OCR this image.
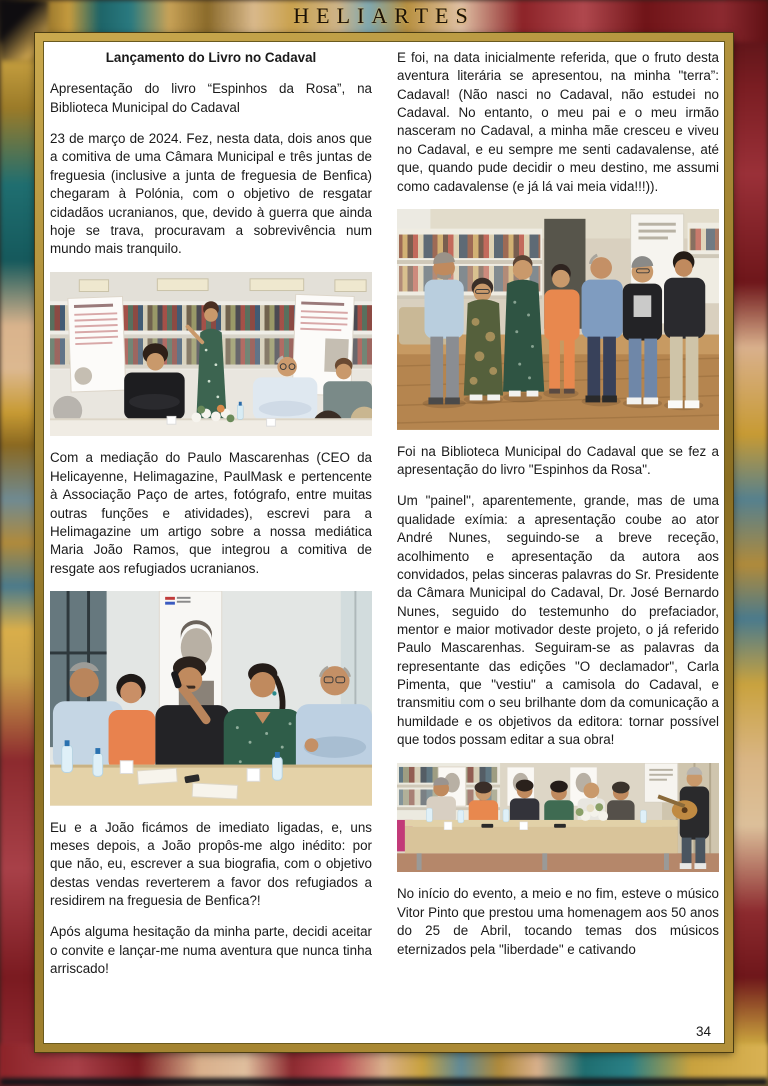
HELIARTES

Lançamento do Livro no Cadaval

Apresentação do livro “Espinhos da Rosa”, na Biblioteca Municipal do Cadaval

23 de março de 2024. Fez, nesta data, dois anos que a comitiva de uma Câmara Municipal e três juntas de freguesia (inclusive a junta de freguesia de Benfica) chegaram à Polónia, com o objetivo de resgatar cidadãos ucranianos, que, devido à guerra que ainda hoje se trava, procuravam a sobrevivência num mundo mais tranquilo.

Com a mediação do Paulo Mascarenhas (CEO da Helicayenne, Helimagazine, PaulMask e pertencente à Associação Paço de artes, fotógrafo, entre muitas outras funções e atividades), escrevi para a Helimagazine um artigo sobre a nossa mediática Maria João Ramos, que integrou a comitiva de resgate aos refugiados ucranianos.

Eu e a João ficámos de imediato ligadas, e, uns meses depois, a João propôs-me algo inédito: por que não, eu, escrever a sua biografia, com o objetivo destas vendas reverterem a favor dos refugiados a residirem na freguesia de Benfica?!

Após alguma hesitação da minha parte, decidi aceitar o convite e lançar-me numa aventura que nunca tinha arriscado!

E foi, na data inicialmente referida, que o fruto desta aventura literária se apresentou, na minha "terra”: Cadaval! (Não nasci no Cadaval, não estudei no Cadaval. No entanto, o meu pai e o meu irmão nasceram no Cadaval, a minha mãe cresceu e viveu no Cadaval, e eu sempre me senti cadavalense, até que, quando pude decidir o meu destino, me assumi como cadavalense (e já lá vai meia vida!!!)).

Foi na Biblioteca Municipal do Cadaval que se fez a apresentação do livro "Espinhos da Rosa".

Um "painel", aparentemente, grande, mas de uma qualidade exímia: a apresentação coube ao ator André Nunes, seguindo-se a breve receção, acolhimento e apresentação da autora aos convidados, pelas sinceras palavras do Sr. Presidente da Câmara Municipal do Cadaval, Dr. José Bernardo Nunes, seguido do testemunho do prefaciador, mentor e maior motivador deste projeto, o já referido Paulo Mascarenhas. Seguiram-se as palavras da representante das edições "O declamador", Carla Pimenta, que "vestiu" a camisola do Cadaval, e transmitiu com o seu brilhante dom da comunicação a humildade e os objetivos da editora: tornar possível que todos possam editar a sua obra!

No início do evento, a meio e no fim, esteve o músico Vitor Pinto que prestou uma homenagem aos 50 anos do 25 de Abril, tocando temas dos músicos eternizados pela "liberdade" e cativando

34
